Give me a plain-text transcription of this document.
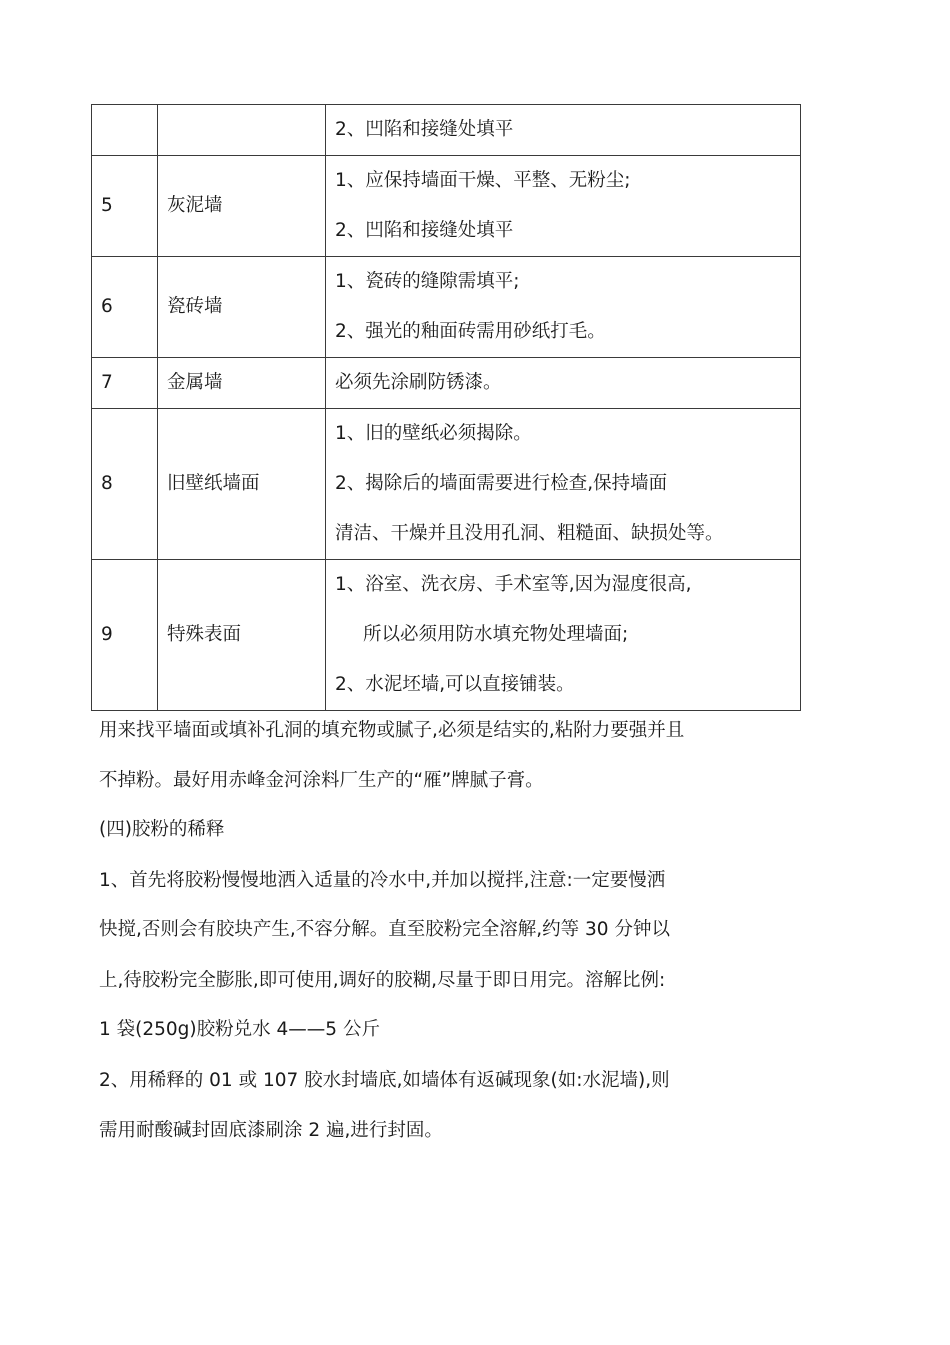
		2、凹陷和接缝处填平

5	灰泥墙	1、应保持墙面干燥、平整、无粉尘;
2、凹陷和接缝处填平

6	瓷砖墙	1、瓷砖的缝隙需填平;
2、强光的釉面砖需用砂纸打毛。

7	金属墙	必须先涂刷防锈漆。

8	旧壁纸墙面	1、旧的壁纸必须揭除。
2、揭除后的墙面需要进行检查,保持墙面
清洁、干燥并且没用孔洞、粗糙面、缺损处等。

9	特殊表面	1、浴室、洗衣房、手术室等,因为湿度很高,
所以必须用防水填充物处理墙面;
2、水泥坯墙,可以直接铺装。
用来找平墙面或填补孔洞的填充物或腻子,必须是结实的,粘附力要强并且
不掉粉。最好用赤峰金河涂料厂生产的“雁”牌腻子膏。
(四)胶粉的稀释
1、首先将胶粉慢慢地洒入适量的冷水中,并加以搅拌,注意:一定要慢洒
快搅,否则会有胶块产生,不容分解。直至胶粉完全溶解,约等 30 分钟以
上,待胶粉完全膨胀,即可使用,调好的胶糊,尽量于即日用完。溶解比例:
1 袋(250g)胶粉兑水 4——5 公斤
2、用稀释的 01 或 107 胶水封墙底,如墙体有返碱现象(如:水泥墙),则
需用耐酸碱封固底漆刷涂 2 遍,进行封固。
